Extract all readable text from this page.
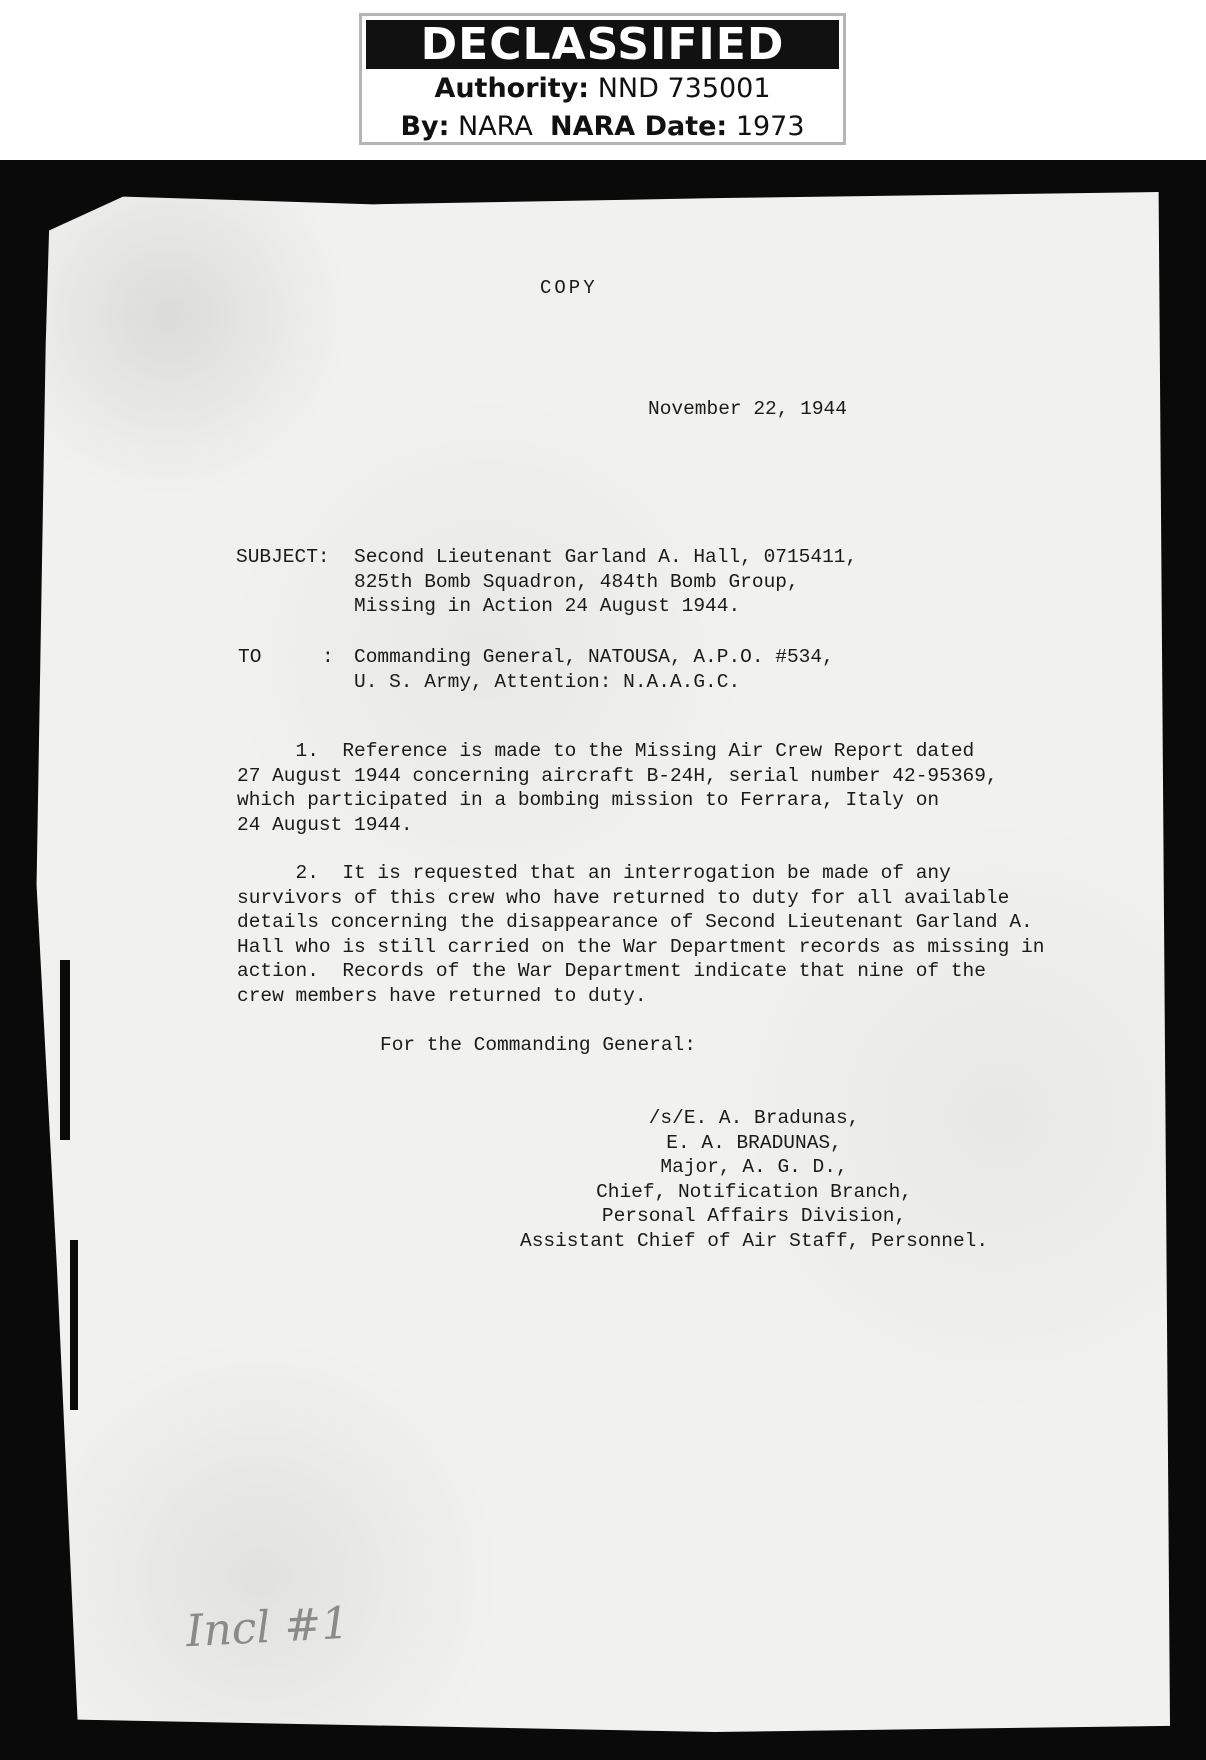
DECLASSIFIED
Authority: NND 735001
By: NARA NARA Date: 1973
COPY
November 22, 1944
SUBJECT: Second Lieutenant Garland A. Hall, 0715411,
825th Bomb Squadron, 484th Bomb Group,
Missing in Action 24 August 1944.
TO	: Commanding General, NATOUSA, A.P.O. #534,
U. S. Army, Attention: N.A.A.G.C.
1.  Reference is made to the Missing Air Crew Report dated
27 August 1944 concerning aircraft B-24H, serial number 42-95369,
which participated in a bombing mission to Ferrara, Italy on
24 August 1944.
2.  It is requested that an interrogation be made of any
survivors of this crew who have returned to duty for all available
details concerning the disappearance of Second Lieutenant Garland A.
Hall who is still carried on the War Department records as missing in
action.  Records of the War Department indicate that nine of the
crew members have returned to duty.
For the Commanding General:
/s/E. A. Bradunas,
E. A. BRADUNAS,
Major, A. G. D.,
Chief, Notification Branch,
Personal Affairs Division,
Assistant Chief of Air Staff, Personnel.
Incl #1
